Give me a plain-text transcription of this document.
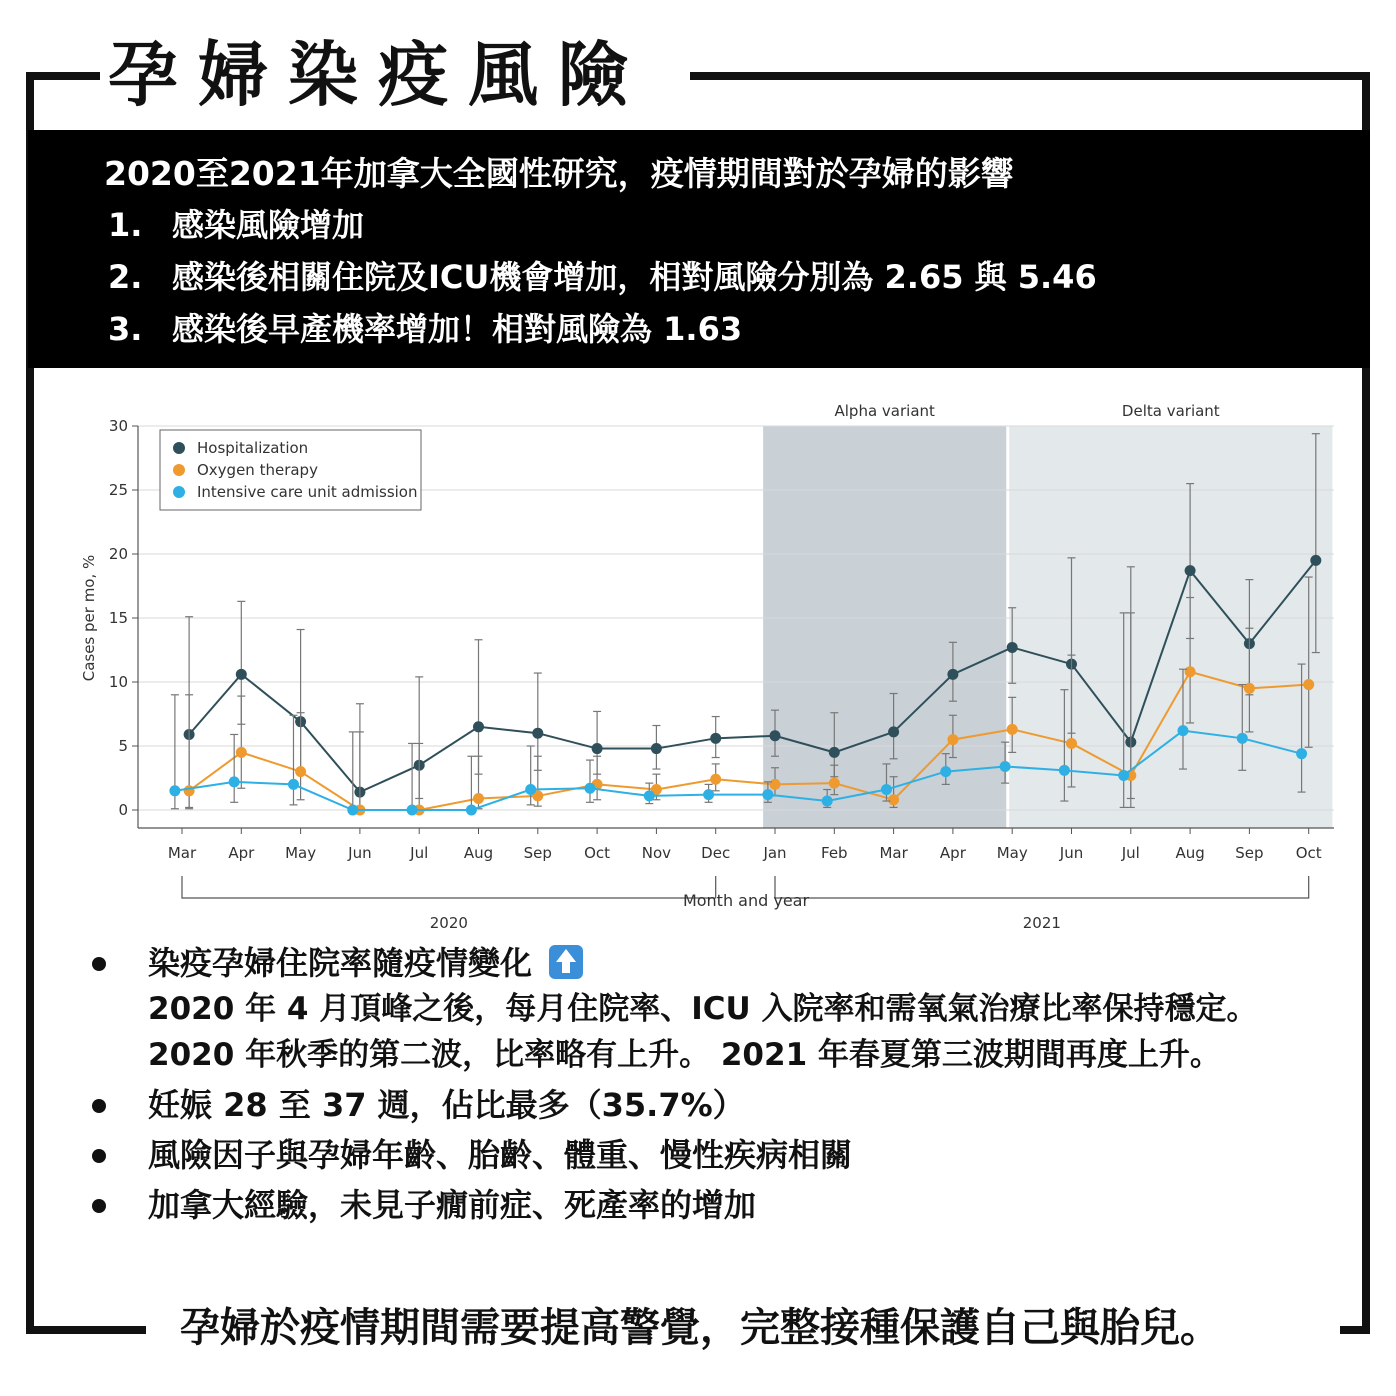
孕婦染疫風險
2020至2021年加拿大全國性研究，疫情期間對於孕婦的影響
1. 感染風險增加
2. 感染後相關住院及ICU機會增加，相對風險分別為 2.65 與 5.46
3. 感染後早產機率增加！相對風險為 1.63
Alpha variant	Delta variant
0
5
10
15
20
25
30
Mar Apr May Jun	Jul Aug Sep Oct Nov Dec Jan Feb Mar Apr May Jun	Jul Aug Sep Oct
2020	2021
Month and year
Cases per mo, %
Hospitalization
Oxygen therapy
Intensive care unit admission
染疫孕婦住院率隨疫情變化
2020 年 4 月頂峰之後，每月住院率、ICU 入院率和需氧氣治療比率保持穩定。 2020 年秋季的第二波，比率略有上升。 2021 年春夏第三波期間再度上升。
妊娠 28 至 37 週，佔比最多（35.7%）
風險因子與孕婦年齡、胎齡、體重、慢性疾病相關
加拿大經驗，未見子癇前症、死產率的增加
孕婦於疫情期間需要提高警覺，完整接種保護自己與胎兒。
